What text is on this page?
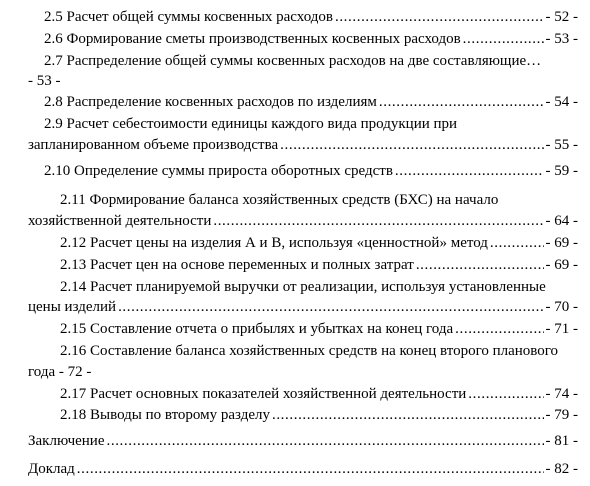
2.5 Расчет общей суммы косвенных расходов .....	- 52 -
2.6 Формирование сметы производственных косвенных расходов .....	- 53 -
2.7 Распределение общей суммы косвенных расходов на две составляющие…
- 53 -
2.8 Распределение косвенных расходов по изделиям .....	- 54 -
2.9 Расчет себестоимости единицы каждого вида продукции при
запланированном объеме производства .....	- 55 -
2.10 Определение суммы прироста оборотных средств .....	- 59 -
2.11 Формирование баланса хозяйственных средств (БХС) на начало
хозяйственной деятельности .....	- 64 -
2.12 Расчет цены на изделия А и В, используя «ценностной» метод .....	- 69 -
2.13 Расчет цен на основе переменных и полных затрат .....	- 69 -
2.14 Расчет планируемой выручки от реализации, используя установленные
цены изделий .....	- 70 -
2.15 Составление отчета о прибылях и убытках на конец года .....	- 71 -
2.16 Составление баланса хозяйственных средств на конец второго планового
года - 72 -
2.17 Расчет основных показателей хозяйственной деятельности .....	- 74 -
2.18 Выводы по второму разделу .....	- 79 -
Заключение .....	- 81 -
Доклад .....	- 82 -
